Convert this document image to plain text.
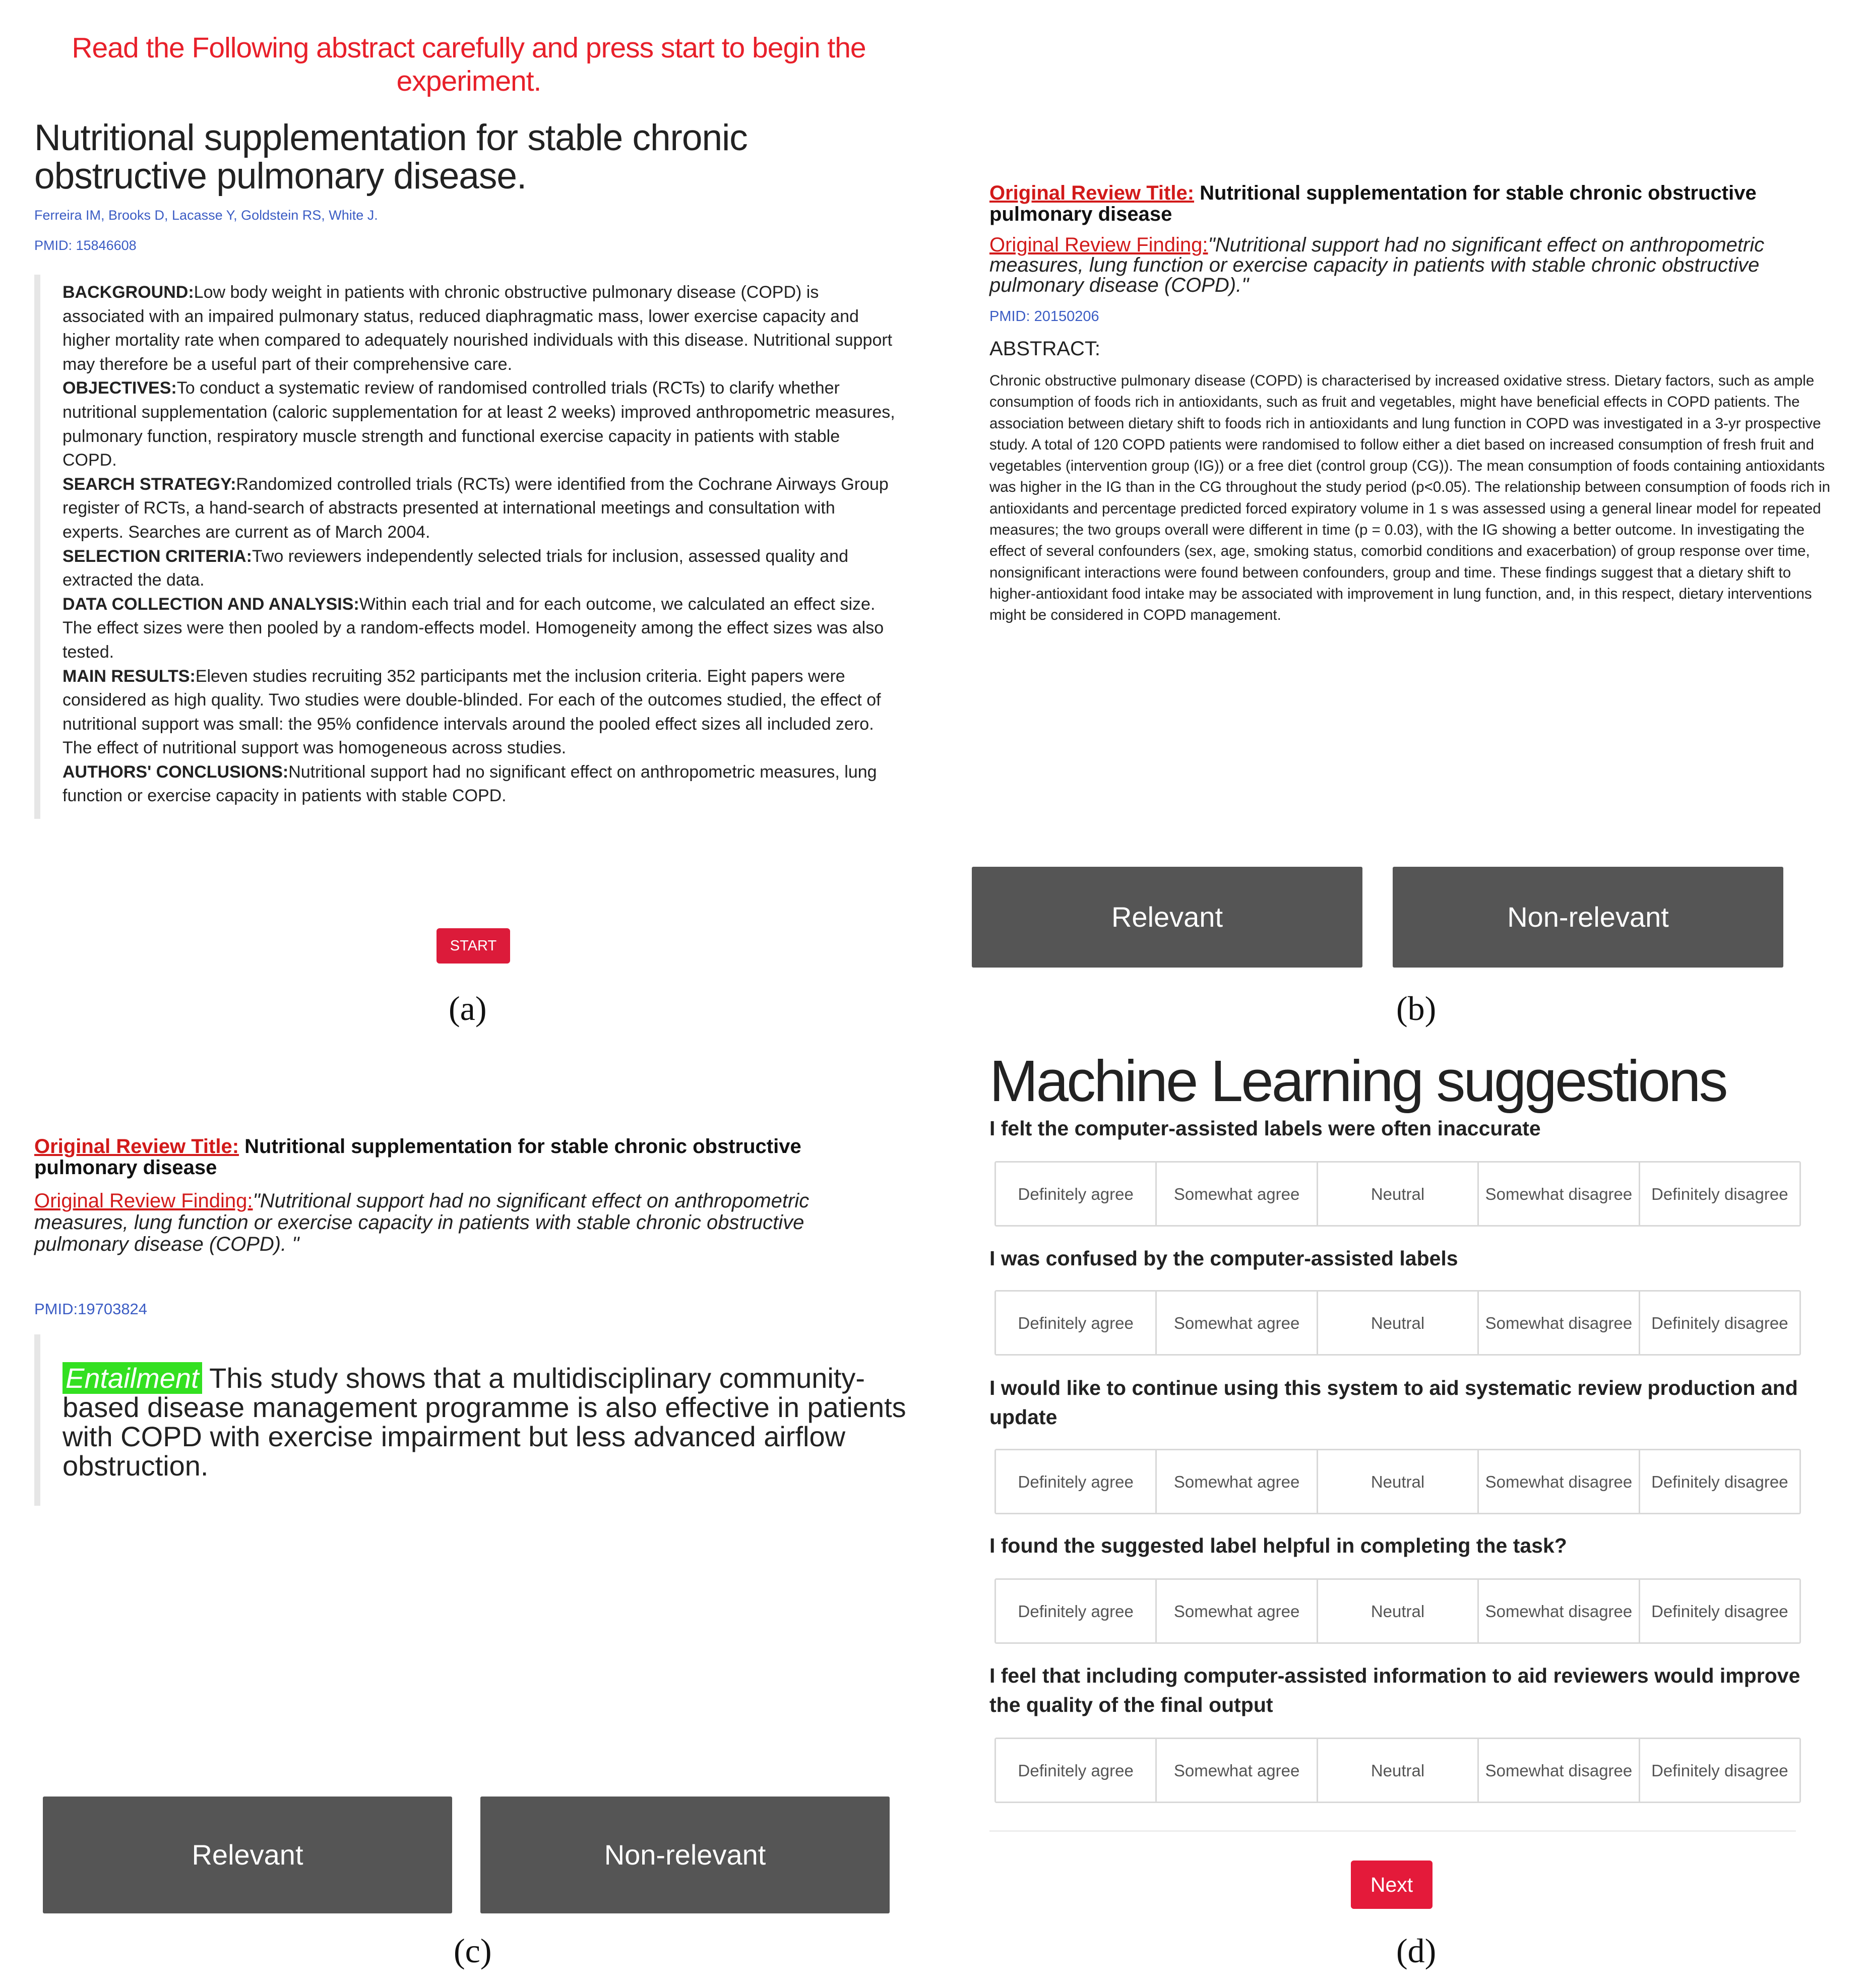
Read the Following abstract carefully and press start to begin the experiment.
Nutritional supplementation for stable chronic obstructive pulmonary disease.
Ferreira IM, Brooks D, Lacasse Y, Goldstein RS, White J.
PMID: 15846608
BACKGROUND:Low body weight in patients with chronic obstructive pulmonary disease (COPD) is associated with an impaired pulmonary status, reduced diaphragmatic mass, lower exercise capacity and higher mortality rate when compared to adequately nourished individuals with this disease. Nutritional support may therefore be a useful part of their comprehensive care.
OBJECTIVES:To conduct a systematic review of randomised controlled trials (RCTs) to clarify whether nutritional supplementation (caloric supplementation for at least 2 weeks) improved anthropometric measures, pulmonary function, respiratory muscle strength and functional exercise capacity in patients with stable COPD.
SEARCH STRATEGY:Randomized controlled trials (RCTs) were identified from the Cochrane Airways Group register of RCTs, a hand-search of abstracts presented at international meetings and consultation with experts. Searches are current as of March 2004.
SELECTION CRITERIA:Two reviewers independently selected trials for inclusion, assessed quality and extracted the data.
DATA COLLECTION AND ANALYSIS:Within each trial and for each outcome, we calculated an effect size. The effect sizes were then pooled by a random-effects model. Homogeneity among the effect sizes was also tested.
MAIN RESULTS:Eleven studies recruiting 352 participants met the inclusion criteria. Eight papers were considered as high quality. Two studies were double-blinded. For each of the outcomes studied, the effect of nutritional support was small: the 95% confidence intervals around the pooled effect sizes all included zero. The effect of nutritional support was homogeneous across studies.
AUTHORS' CONCLUSIONS:Nutritional support had no significant effect on anthropometric measures, lung function or exercise capacity in patients with stable COPD.
START
(a)
Original Review Title: Nutritional supplementation for stable chronic obstructive pulmonary disease
Original Review Finding:"Nutritional support had no significant effect on anthropometric measures, lung function or exercise capacity in patients with stable chronic obstructive pulmonary disease (COPD)."
PMID: 20150206
ABSTRACT:
Chronic obstructive pulmonary disease (COPD) is characterised by increased oxidative stress. Dietary factors, such as ample consumption of foods rich in antioxidants, such as fruit and vegetables, might have beneficial effects in COPD patients. The association between dietary shift to foods rich in antioxidants and lung function in COPD was investigated in a 3-yr prospective study. A total of 120 COPD patients were randomised to follow either a diet based on increased consumption of fresh fruit and vegetables (intervention group (IG)) or a free diet (control group (CG)). The mean consumption of foods containing antioxidants was higher in the IG than in the CG throughout the study period (p<0.05). The relationship between consumption of foods rich in antioxidants and percentage predicted forced expiratory volume in 1 s was assessed using a general linear model for repeated measures; the two groups overall were different in time (p = 0.03), with the IG showing a better outcome. In investigating the effect of several confounders (sex, age, smoking status, comorbid conditions and exacerbation) of group response over time, nonsignificant interactions were found between confounders, group and time. These findings suggest that a dietary shift to higher-antioxidant food intake may be associated with improvement in lung function, and, in this respect, dietary interventions might be considered in COPD management.
Relevant	Non-relevant
(b)
Original Review Title: Nutritional supplementation for stable chronic obstructive pulmonary disease
Original Review Finding:"Nutritional support had no significant effect on anthropometric measures, lung function or exercise capacity in patients with stable chronic obstructive pulmonary disease (COPD). "
PMID:19703824
Entailment This study shows that a multidisciplinary community-based disease management programme is also effective in patients with COPD with exercise impairment but less advanced airflow obstruction.
Relevant	Non-relevant
(c)
Machine Learning suggestions
I felt the computer-assisted labels were often inaccurate
Definitely agree	Somewhat agree	Neutral	Somewhat disagree	Definitely disagree
I was confused by the computer-assisted labels
Definitely agree	Somewhat agree	Neutral	Somewhat disagree	Definitely disagree
I would like to continue using this system to aid systematic review production and update
Definitely agree	Somewhat agree	Neutral	Somewhat disagree	Definitely disagree
I found the suggested label helpful in completing the task?
Definitely agree	Somewhat agree	Neutral	Somewhat disagree	Definitely disagree
I feel that including computer-assisted information to aid reviewers would improve the quality of the final output
Definitely agree	Somewhat agree	Neutral	Somewhat disagree	Definitely disagree
Next
(d)
